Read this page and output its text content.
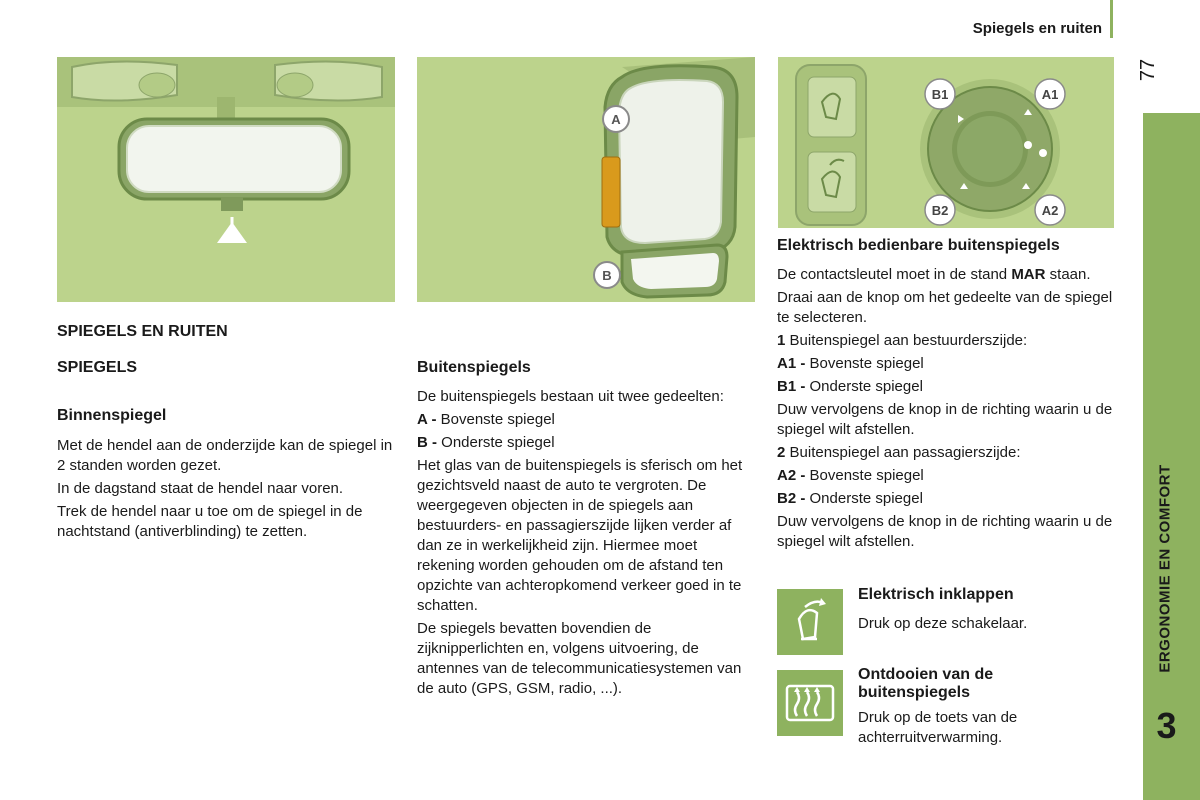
Spiegels en ruiten
77
ERGONOMIE EN COMFORT
3
A
B
B1	A1
B2	A2
SPIEGELS EN RUITEN
SPIEGELS
Binnenspiegel

Met de hendel aan de onderzijde kan de spiegel in 2 standen worden gezet.

In de dagstand staat de hendel naar voren.

Trek de hendel naar u toe om de spiegel in de nachtstand (antiverblinding) te zetten.

Buitenspiegels

De buitenspiegels bestaan uit twee gedeelten:

A - Bovenste spiegel

B - Onderste spiegel

Het glas van de buitenspiegels is sferisch om het gezichtsveld naast de auto te vergroten. De weergegeven objecten in de spiegels aan bestuurders- en passagierszijde lijken verder af dan ze in werkelijkheid zijn. Hiermee moet rekening worden gehouden om de afstand ten opzichte van achteropkomend verkeer goed in te schatten.

De spiegels bevatten bovendien de zijknipperlichten en, volgens uitvoering, de antennes van de telecommunicatiesystemen van de auto (GPS, GSM, radio, ...).

Elektrisch bedienbare buitenspiegels

De contactsleutel moet in de stand MAR staan.

Draai aan de knop om het gedeelte van de spiegel te selecteren.

1 Buitenspiegel aan bestuurderszijde:

A1 - Bovenste spiegel

B1 - Onderste spiegel

Duw vervolgens de knop in de richting waarin u de spiegel wilt afstellen.

2 Buitenspiegel aan passagierszijde:

A2 - Bovenste spiegel

B2 - Onderste spiegel

Duw vervolgens de knop in de richting waarin u de spiegel wilt afstellen.

Elektrisch inklappen

Druk op deze schakelaar.

Ontdooien van de
buitenspiegels

Druk op de toets van de achterruitverwarming.
